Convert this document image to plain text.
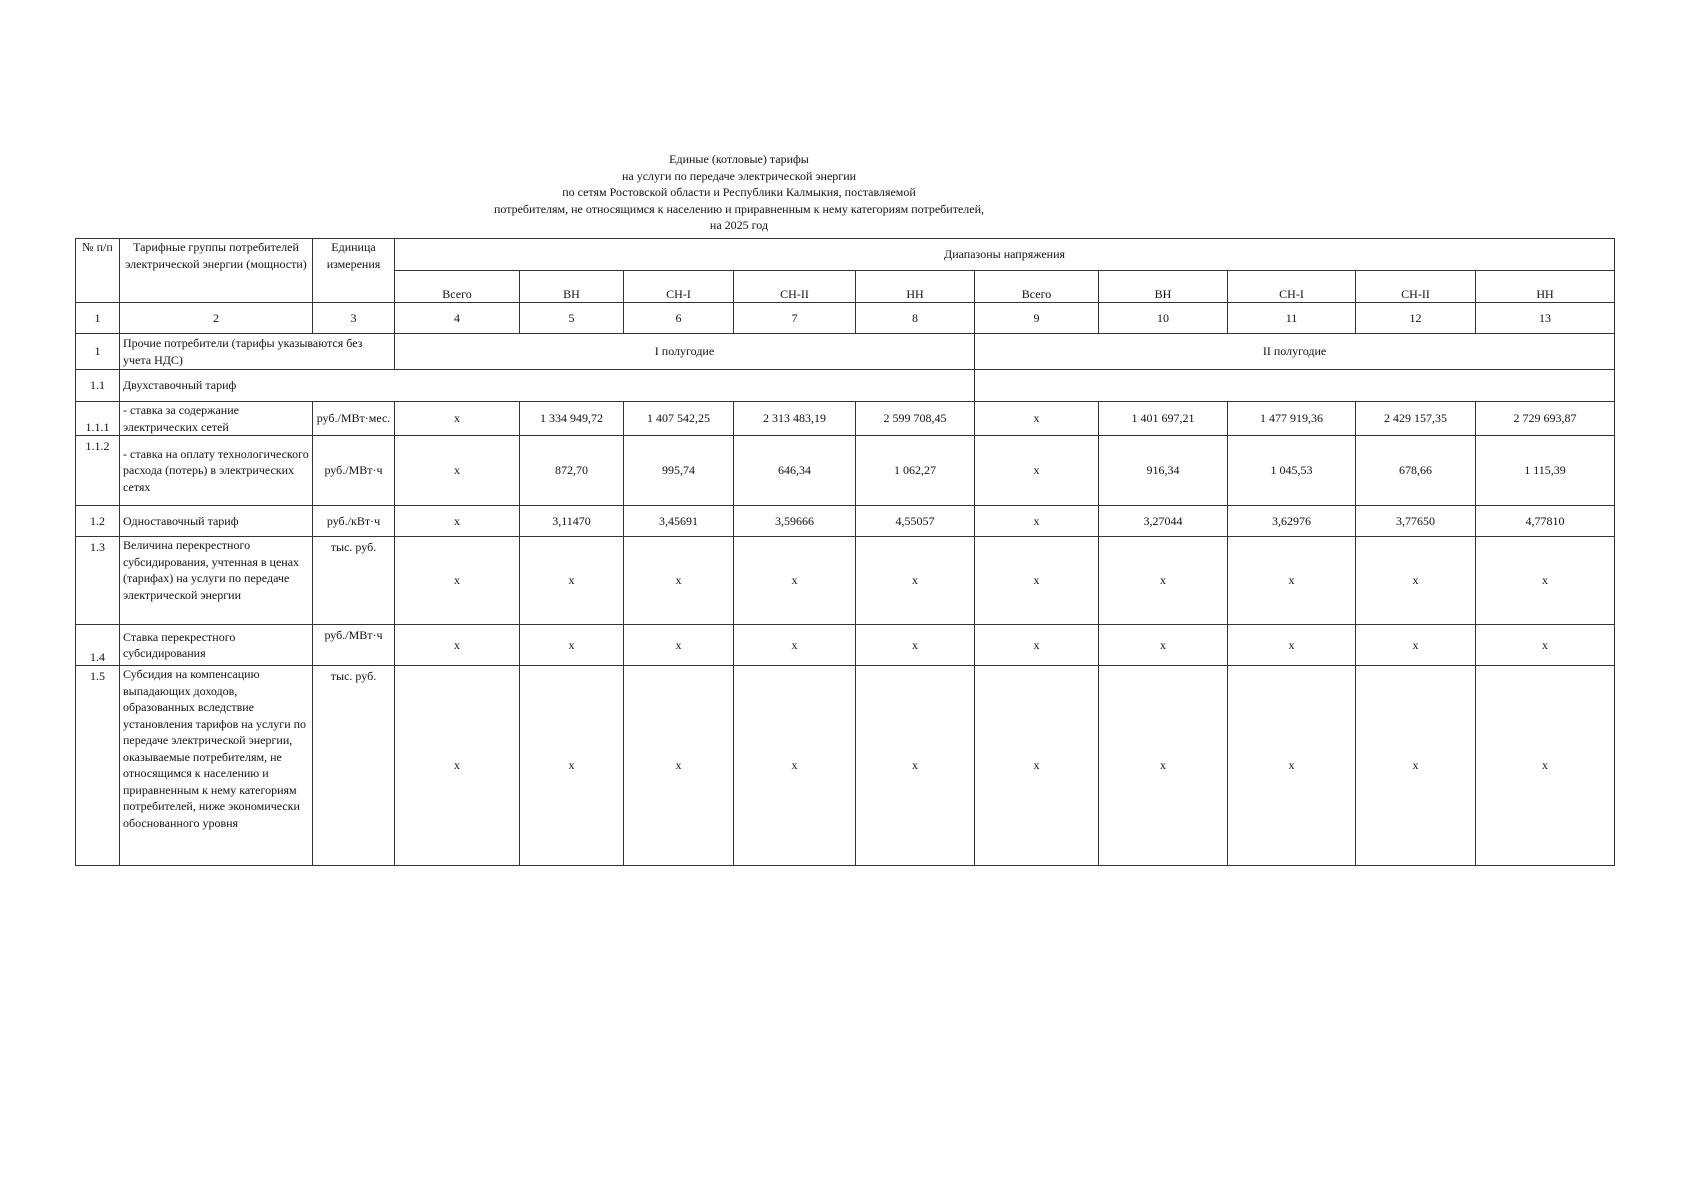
Единые (котловые) тарифы
на услуги по передаче электрической энергии
по сетям Ростовской области и Республики Калмыкия, поставляемой
потребителям, не относящимся к населению и приравненным к нему категориям потребителей,
на 2025 год
№ п/п	Тарифные группы потребителей электрической энергии (мощности)	Единица измерения	Диапазоны напряжения									
			Всего	ВН	СН-I	СН-II	НН	Всего	ВН	СН-I	СН-II	НН
1	2	3	4	5	6	7	8	9	10	11	12	13
1	Прочие потребители (тарифы указываются без учета НДС)		I полугодие					II полугодие				
1.1	Двухставочный тариф											
1.1.1	- ставка за содержание электрических сетей	руб./МВт·мес.	х	1 334 949,72	1 407 542,25	2 313 483,19	2 599 708,45	х	1 401 697,21	1 477 919,36	2 429 157,35	2 729 693,87
1.1.2	- ставка на оплату технологического расхода (потерь) в электрических сетях	руб./МВт·ч	х	872,70	995,74	646,34	1 062,27	х	916,34	1 045,53	678,66	1 115,39
1.2	Одноставочный тариф	руб./кВт·ч	х	3,11470	3,45691	3,59666	4,55057	х	3,27044	3,62976	3,77650	4,77810
1.3	Величина перекрестного субсидирования, учтенная в ценах (тарифах) на услуги по передаче электрической энергии	тыс. руб.	х	х	х	х	х	х	х	х	х	х
1.4	Ставка перекрестного субсидирования	руб./МВт·ч	х	х	х	х	х	х	х	х	х	х
1.5	Субсидия на компенсацию выпадающих доходов, образованных вследствие установления тарифов на услуги по передаче электрической энергии, оказываемые потребителям, не относящимся к населению и приравненным к нему категориям потребителей, ниже экономически обоснованного уровня	тыс. руб.	х	х	х	х	х	х	х	х	х	х
